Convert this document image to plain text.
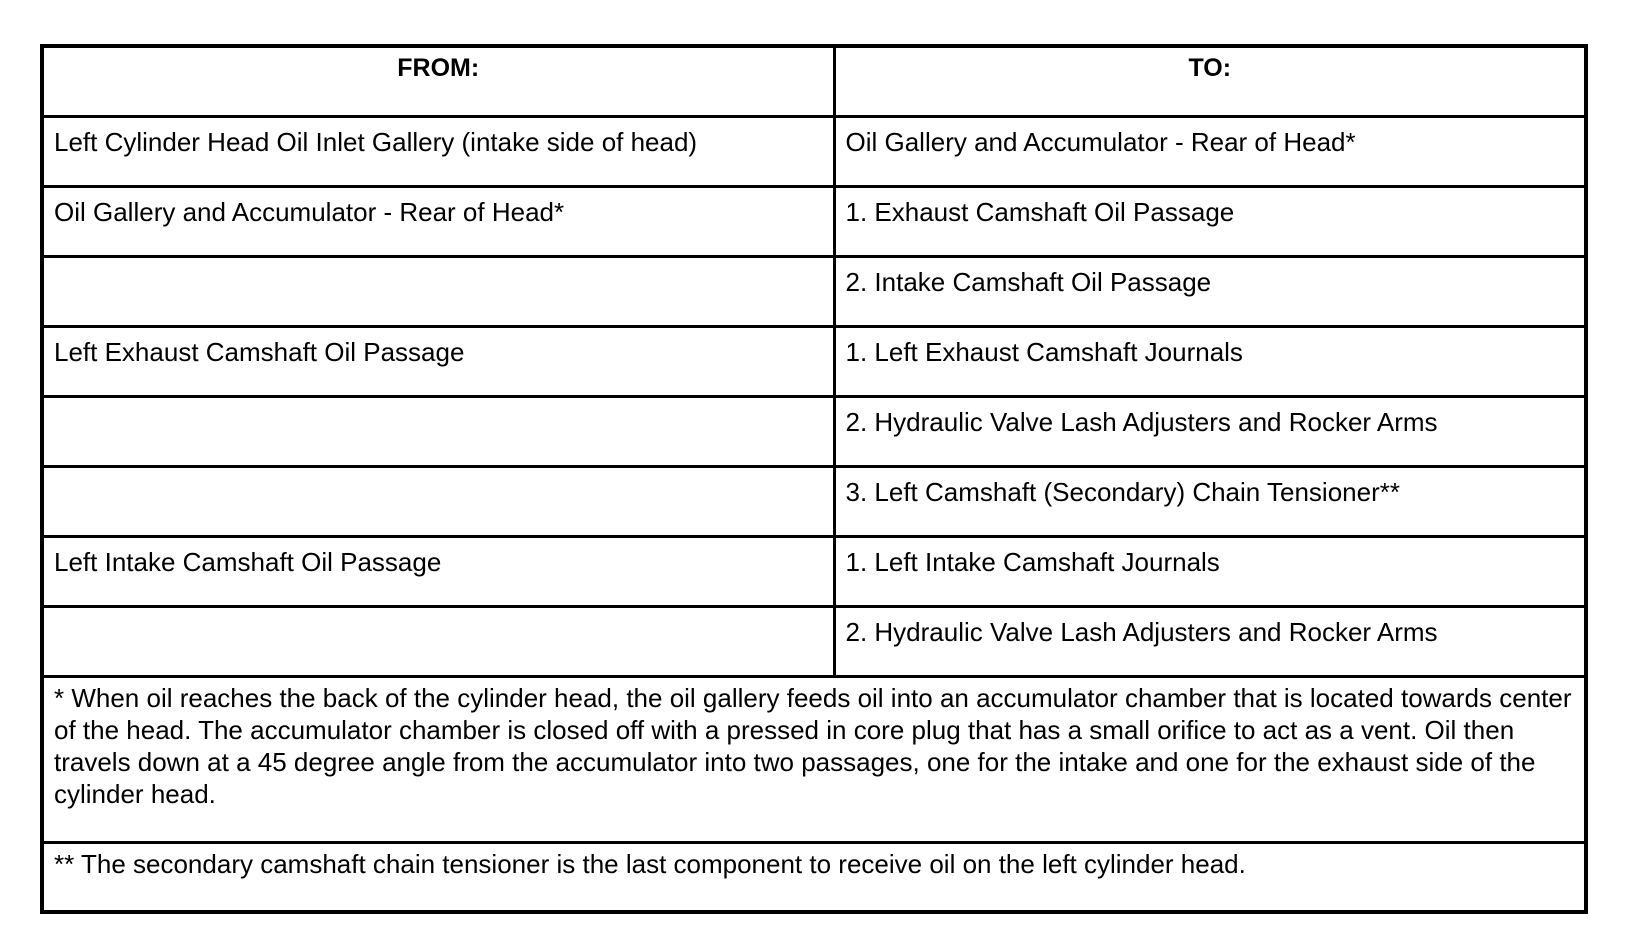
FROM:	TO:
Left Cylinder Head Oil Inlet Gallery (intake side of head)	Oil Gallery and Accumulator - Rear of Head*
Oil Gallery and Accumulator - Rear of Head*	1. Exhaust Camshaft Oil Passage
	2. Intake Camshaft Oil Passage
Left Exhaust Camshaft Oil Passage	1. Left Exhaust Camshaft Journals
	2. Hydraulic Valve Lash Adjusters and Rocker Arms
	3. Left Camshaft (Secondary) Chain Tensioner**
Left Intake Camshaft Oil Passage	1. Left Intake Camshaft Journals
	2. Hydraulic Valve Lash Adjusters and Rocker Arms
* When oil reaches the back of the cylinder head, the oil gallery feeds oil into an accumulator chamber that is located towards center of the head. The accumulator chamber is closed off with a pressed in core plug that has a small orifice to act as a vent. Oil then travels down at a 45 degree angle from the accumulator into two passages, one for the intake and one for the exhaust side of the cylinder head.	
** The secondary camshaft chain tensioner is the last component to receive oil on the left cylinder head.	
